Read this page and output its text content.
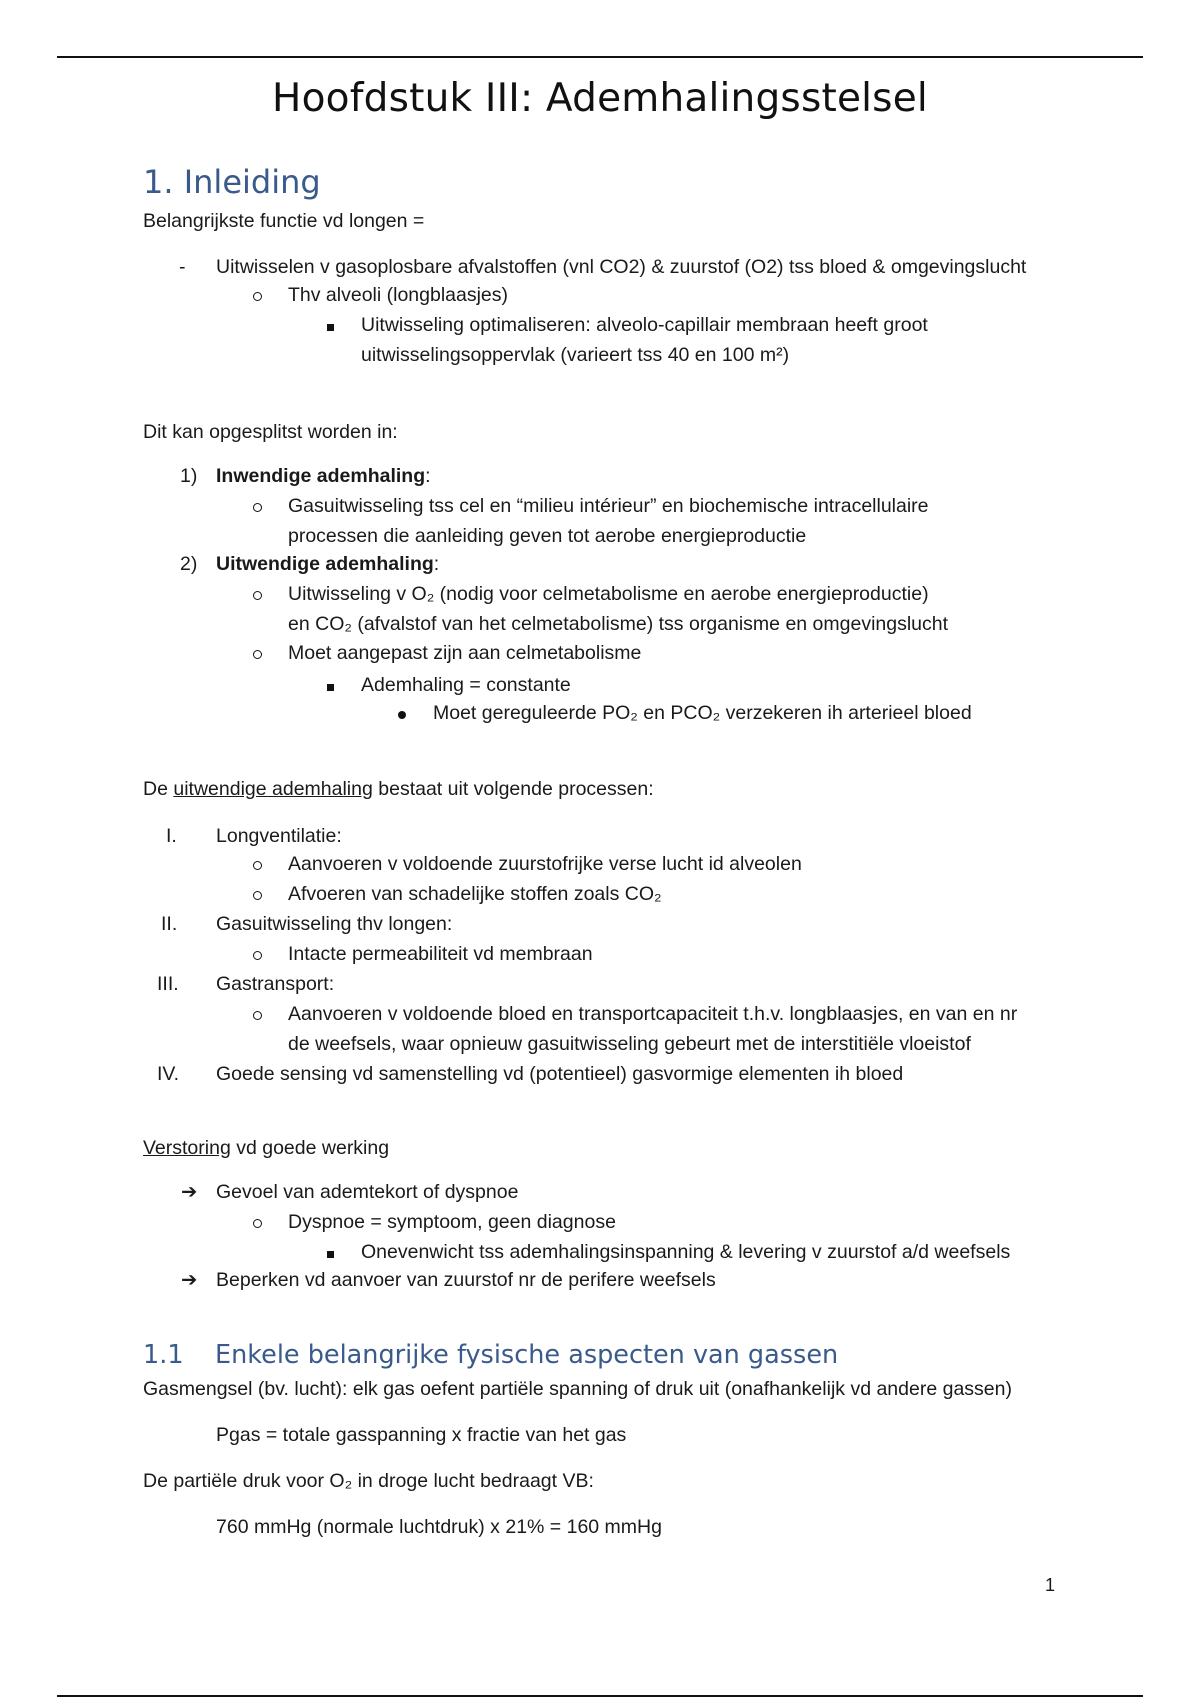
Hoofdstuk III: Ademhalingsstelsel
1. Inleiding
Belangrijkste functie vd longen =
- Uitwisselen v gasoplosbare afvalstoffen (vnl CO2) & zuurstof (O2) tss bloed & omgevingslucht
Thv alveoli (longblaasjes)
Uitwisseling optimaliseren: alveolo-capillair membraan heeft groot
uitwisselingsoppervlak (varieert tss 40 en 100 m²)
Dit kan opgesplitst worden in:
1) Inwendige ademhaling:
Gasuitwisseling tss cel en “milieu intérieur” en biochemische intracellulaire
processen die aanleiding geven tot aerobe energieproductie
2) Uitwendige ademhaling:
Uitwisseling v O₂ (nodig voor celmetabolisme en aerobe energieproductie)
en CO₂ (afvalstof van het celmetabolisme) tss organisme en omgevingslucht
Moet aangepast zijn aan celmetabolisme
Ademhaling = constante
Moet gereguleerde PO₂ en PCO₂ verzekeren ih arterieel bloed
De uitwendige ademhaling bestaat uit volgende processen:
I. Longventilatie:
Aanvoeren v voldoende zuurstofrijke verse lucht id alveolen
Afvoeren van schadelijke stoffen zoals CO₂
II. Gasuitwisseling thv longen:
Intacte permeabiliteit vd membraan
III. Gastransport:
Aanvoeren v voldoende bloed en transportcapaciteit t.h.v. longblaasjes, en van en nr
de weefsels, waar opnieuw gasuitwisseling gebeurt met de interstitiële vloeistof
IV. Goede sensing vd samenstelling vd (potentieel) gasvormige elementen ih bloed
Verstoring vd goede werking
➔ Gevoel van ademtekort of dyspnoe
Dyspnoe = symptoom, geen diagnose
Onevenwicht tss ademhalingsinspanning & levering v zuurstof a/d weefsels
➔ Beperken vd aanvoer van zuurstof nr de perifere weefsels
1.1 Enkele belangrijke fysische aspecten van gassen
Gasmengsel (bv. lucht): elk gas oefent partiële spanning of druk uit (onafhankelijk vd andere gassen)
Pgas = totale gasspanning x fractie van het gas
De partiële druk voor O₂ in droge lucht bedraagt VB:
760 mmHg (normale luchtdruk) x 21% = 160 mmHg
1
